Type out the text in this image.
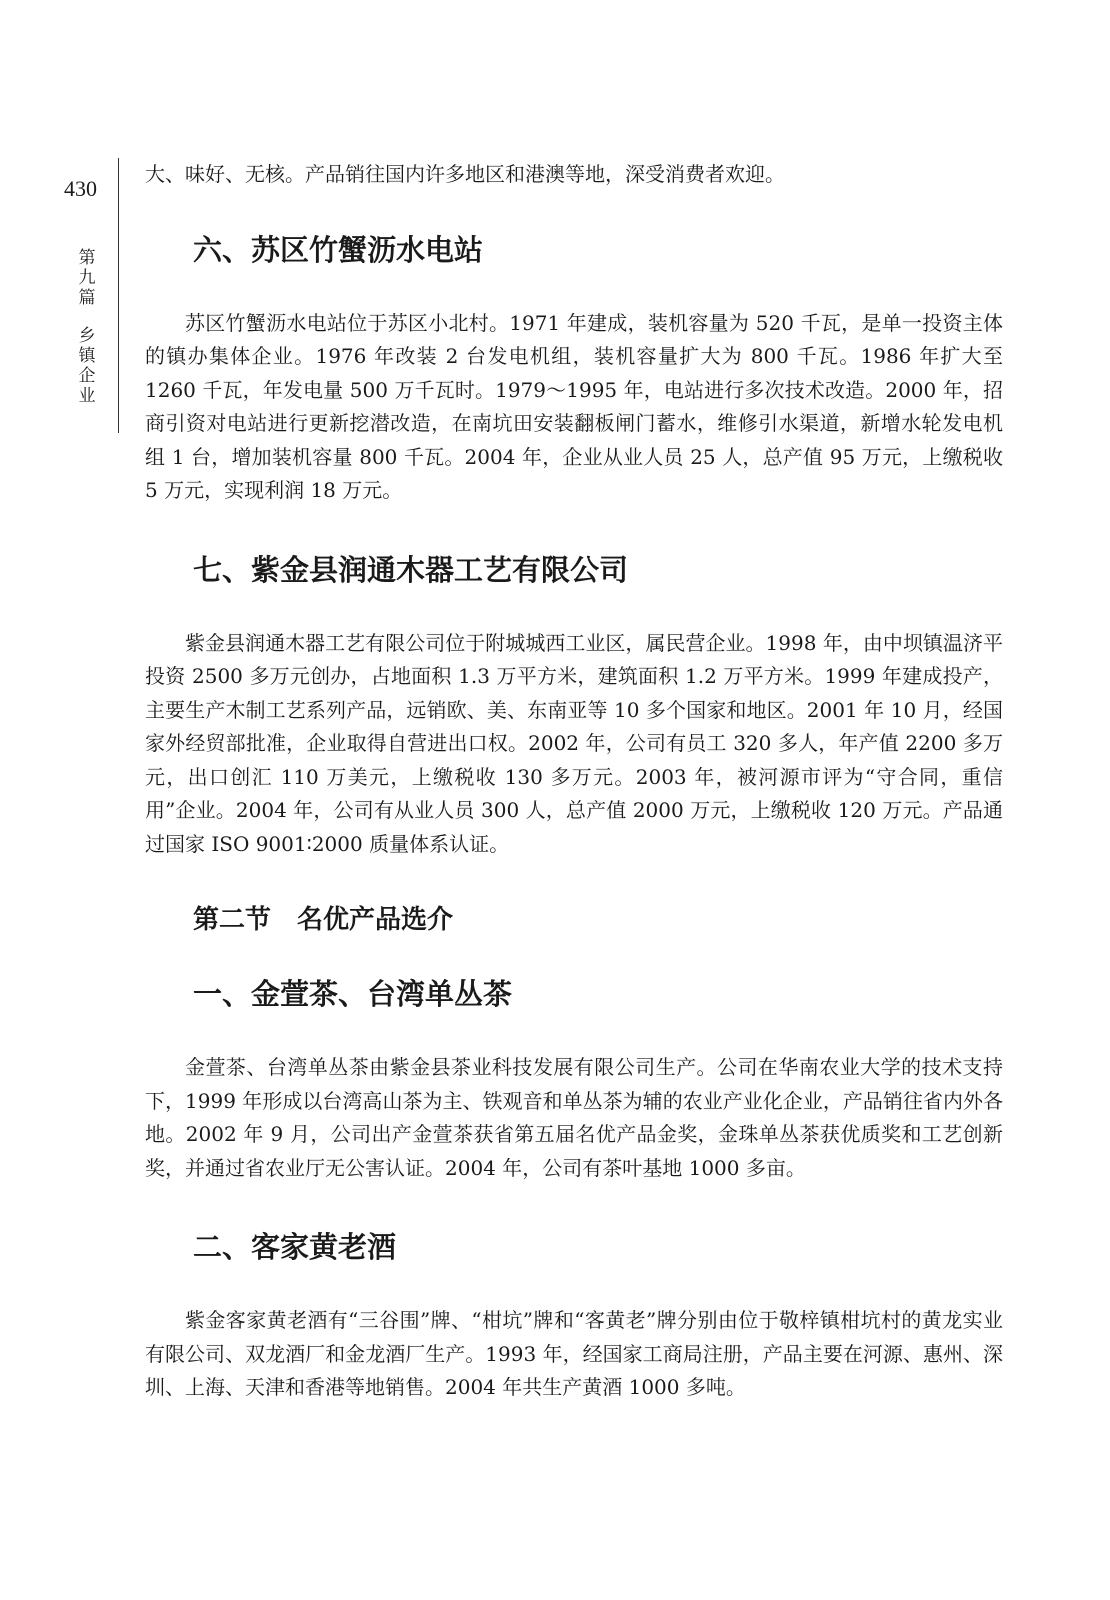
430
第
九
篇
乡
镇
企
业

大、味好、无核。产品销往国内许多地区和港澳等地，深受消费者欢迎。

六、苏区竹蟹沥水电站

苏区竹蟹沥水电站位于苏区小北村。1971 年建成，装机容量为 520 千瓦，是单一投资主体的镇办集体企业。1976 年改装 2 台发电机组，装机容量扩大为 800 千瓦。1986 年扩大至 1260 千瓦，年发电量 500 万千瓦时。1979～1995 年，电站进行多次技术改造。2000 年，招商引资对电站进行更新挖潜改造，在南坑田安装翻板闸门蓄水，维修引水渠道，新增水轮发电机组 1 台，增加装机容量 800 千瓦。2004 年，企业从业人员 25 人，总产值 95 万元，上缴税收 5 万元，实现利润 18 万元。

七、紫金县润通木器工艺有限公司

紫金县润通木器工艺有限公司位于附城城西工业区，属民营企业。1998 年，由中坝镇温济平投资 2500 多万元创办，占地面积 1.3 万平方米，建筑面积 1.2 万平方米。1999 年建成投产，主要生产木制工艺系列产品，远销欧、美、东南亚等 10 多个国家和地区。2001 年 10 月，经国家外经贸部批准，企业取得自营进出口权。2002 年，公司有员工 320 多人，年产值 2200 多万元，出口创汇 110 万美元，上缴税收 130 多万元。2003 年，被河源市评为“守合同，重信用”企业。2004 年，公司有从业人员 300 人，总产值 2000 万元，上缴税收 120 万元。产品通过国家 ISO 9001∶2000 质量体系认证。

第二节　名优产品选介
一、金萱茶、台湾单丛茶

金萱茶、台湾单丛茶由紫金县茶业科技发展有限公司生产。公司在华南农业大学的技术支持下，1999 年形成以台湾高山茶为主、铁观音和单丛茶为辅的农业产业化企业，产品销往省内外各地。2002 年 9 月，公司出产金萱茶获省第五届名优产品金奖，金珠单丛茶获优质奖和工艺创新奖，并通过省农业厅无公害认证。2004 年，公司有茶叶基地 1000 多亩。

二、客家黄老酒

紫金客家黄老酒有“三谷围”牌、“柑坑”牌和“客黄老”牌分别由位于敬梓镇柑坑村的黄龙实业有限公司、双龙酒厂和金龙酒厂生产。1993 年，经国家工商局注册，产品主要在河源、惠州、深圳、上海、天津和香港等地销售。2004 年共生产黄酒 1000 多吨。
